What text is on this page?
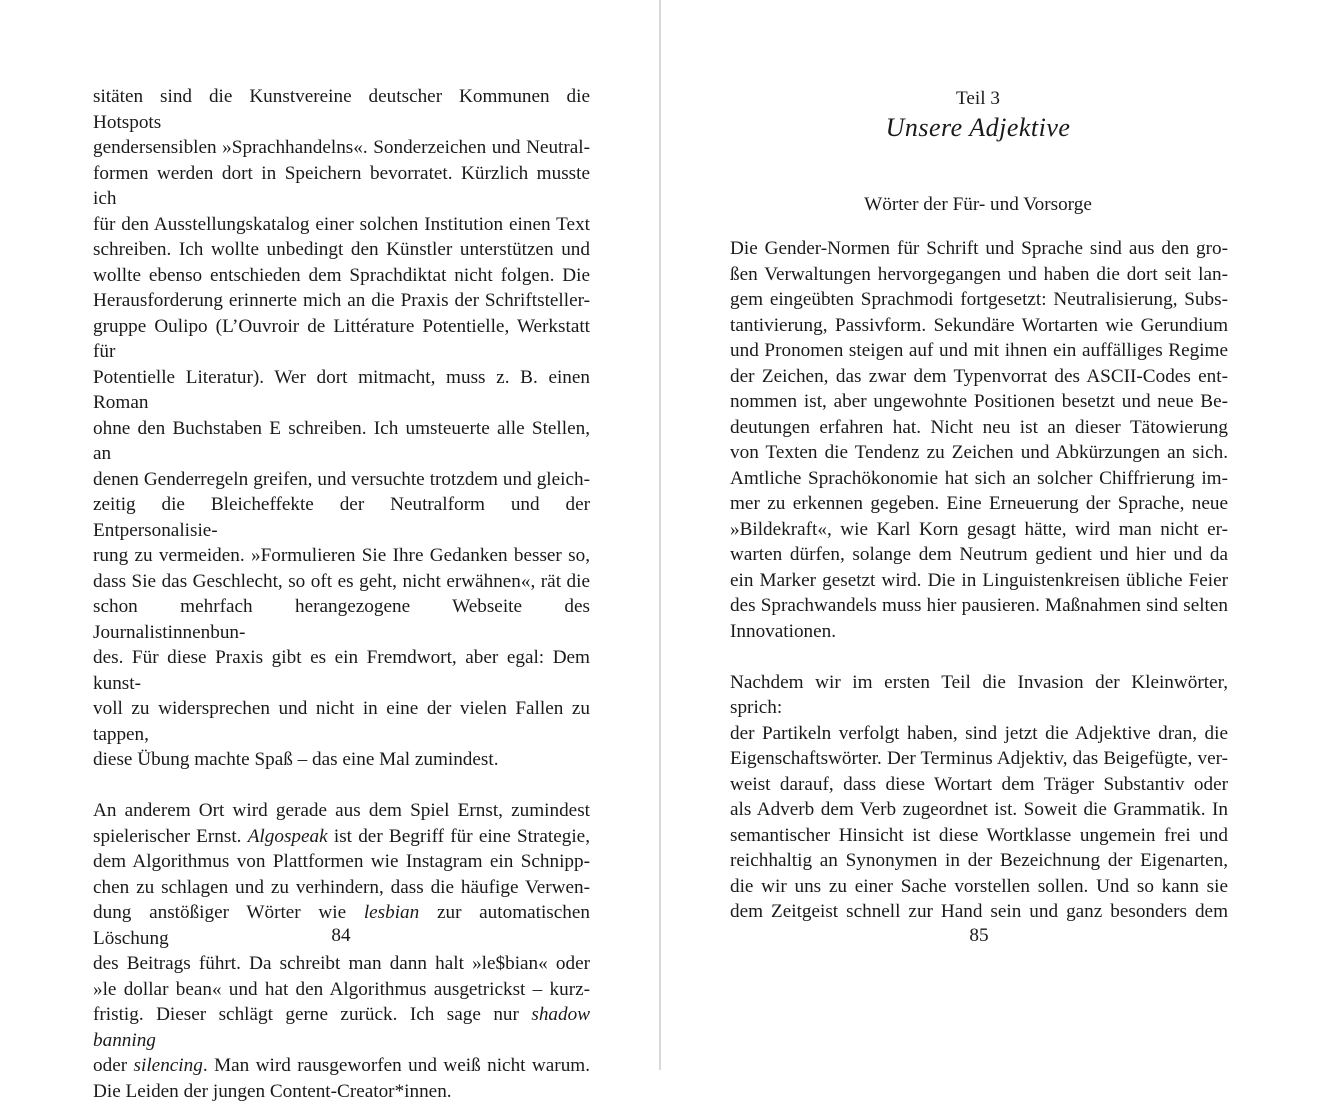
sitäten sind die Kunstvereine deutscher Kommunen die Hotspots
gendersensiblen »Sprachhandelns«. Sonderzeichen und Neutral-
formen werden dort in Speichern bevorratet. Kürzlich musste ich
für den Ausstellungskatalog einer solchen Institution einen Text
schreiben. Ich wollte unbedingt den Künstler unterstützen und
wollte ebenso entschieden dem Sprachdiktat nicht folgen. Die
Herausforderung erinnerte mich an die Praxis der Schriftsteller-
gruppe Oulipo (L’Ouvroir de Littérature Potentielle, Werkstatt für
Potentielle Literatur). Wer dort mitmacht, muss z. B. einen Roman
ohne den Buchstaben E schreiben. Ich umsteuerte alle Stellen, an
denen Genderregeln greifen, und versuchte trotzdem und gleich-
zeitig die Bleicheffekte der Neutralform und der Entpersonalisie-
rung zu vermeiden. »Formulieren Sie Ihre Gedanken besser so,
dass Sie das Geschlecht, so oft es geht, nicht erwähnen«, rät die
schon mehrfach herangezogene Webseite des Journalistinnenbun-
des. Für diese Praxis gibt es ein Fremdwort, aber egal: Dem kunst-
voll zu widersprechen und nicht in eine der vielen Fallen zu tappen,
diese Übung machte Spaß – das eine Mal zumindest.

An anderem Ort wird gerade aus dem Spiel Ernst, zumindest
spielerischer Ernst. Algospeak ist der Begriff für eine Strategie,
dem Algorithmus von Plattformen wie Instagram ein Schnipp-
chen zu schlagen und zu verhindern, dass die häufige Verwen-
dung anstößiger Wörter wie lesbian zur automatischen Löschung
des Beitrags führt. Da schreibt man dann halt »le$bian« oder
»le dollar bean« und hat den Algorithmus ausgetrickst – kurz-
fristig. Dieser schlägt gerne zurück. Ich sage nur shadow banning
oder silencing. Man wird rausgeworfen und weiß nicht warum.
Die Leiden der jungen Content-Creator*innen.

84
Teil 3
Unsere Adjektive
Wörter der Für- und Vorsorge

Die Gender-Normen für Schrift und Sprache sind aus den gro-
ßen Verwaltungen hervorgegangen und haben die dort seit lan-
gem eingeübten Sprachmodi fortgesetzt: Neutralisierung, Subs-
tantivierung, Passivform. Sekundäre Wortarten wie Gerundium
und Pronomen steigen auf und mit ihnen ein auffälliges Regime
der Zeichen, das zwar dem Typenvorrat des ASCII-Codes ent-
nommen ist, aber ungewohnte Positionen besetzt und neue Be-
deutungen erfahren hat. Nicht neu ist an dieser Tätowierung
von Texten die Tendenz zu Zeichen und Abkürzungen an sich.
Amtliche Sprachökonomie hat sich an solcher Chiffrierung im-
mer zu erkennen gegeben. Eine Erneuerung der Sprache, neue
»Bildekraft«, wie Karl Korn gesagt hätte, wird man nicht er-
warten dürfen, solange dem Neutrum gedient und hier und da
ein Marker gesetzt wird. Die in Linguistenkreisen übliche Feier
des Sprachwandels muss hier pausieren. Maßnahmen sind selten
Innovationen.

Nachdem wir im ersten Teil die Invasion der Kleinwörter, sprich:
der Partikeln verfolgt haben, sind jetzt die Adjektive dran, die
Eigenschaftswörter. Der Terminus Adjektiv, das Beigefügte, ver-
weist darauf, dass diese Wortart dem Träger Substantiv oder
als Adverb dem Verb zugeordnet ist. Soweit die Grammatik. In
semantischer Hinsicht ist diese Wortklasse ungemein frei und
reichhaltig an Synonymen in der Bezeichnung der Eigenarten,
die wir uns zu einer Sache vorstellen sollen. Und so kann sie
dem Zeitgeist schnell zur Hand sein und ganz besonders dem

85
